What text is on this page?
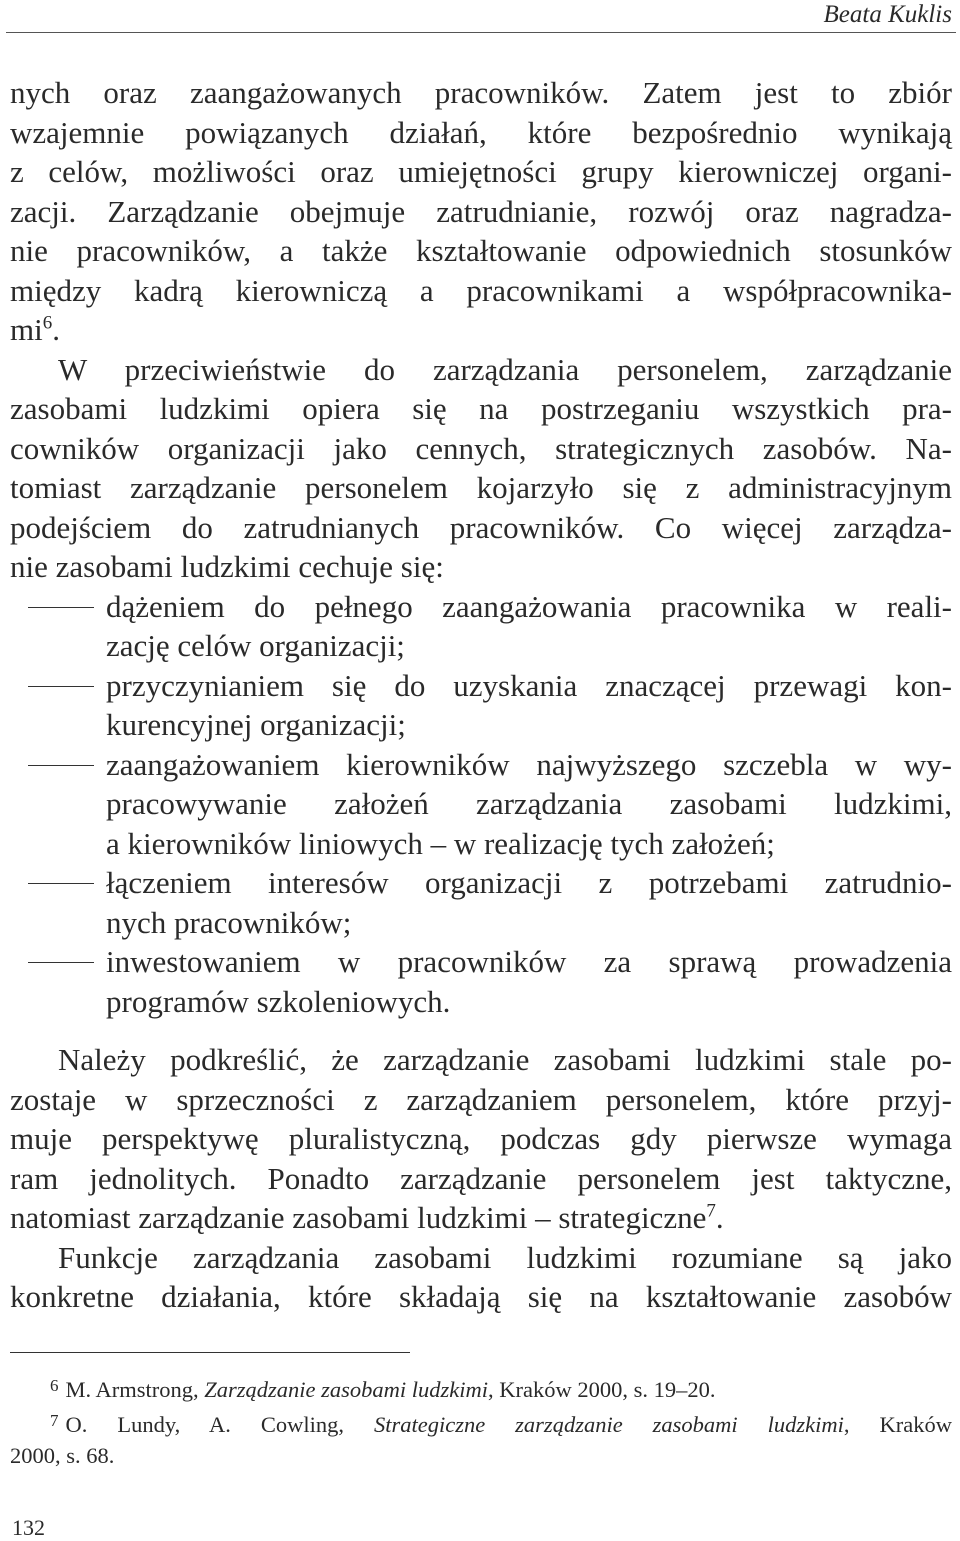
Beata Kuklis
nych oraz zaangażowanych pracowników. Zatem jest to zbiór
wzajemnie powiązanych działań, które bezpośrednio wynikają
z celów, możliwości oraz umiejętności grupy kierowniczej organi-
zacji. Zarządzanie obejmuje zatrudnianie, rozwój oraz nagradza-
nie pracowników, a także kształtowanie odpowiednich stosunków
między kadrą kierowniczą a pracownikami a współpracownika-
$mi^6$.
W przeciwieństwie do zarządzania personelem, zarządzanie
zasobami ludzkimi opiera się na postrzeganiu wszystkich pra-
cowników organizacji jako cennych, strategicznych zasobów. Na-
tomiast zarządzanie personelem kojarzyło się z administracyjnym
podejściem do zatrudnianych pracowników. Co więcej zarządza-
nie zasobami ludzkimi cechuje się:
dążeniem do pełnego zaangażowania pracownika w reali-
zację celów organizacji;
przyczynianiem się do uzyskania znaczącej przewagi kon-
kurencyjnej organizacji;
zaangażowaniem kierowników najwyższego szczebla w wy-
pracowywanie założeń zarządzania zasobami ludzkimi,
a kierowników liniowych – w realizację tych założeń;
łączeniem interesów organizacji z potrzebami zatrudnio-
nych pracowników;
inwestowaniem w pracowników za sprawą prowadzenia
programów szkoleniowych.
Należy podkreślić, że zarządzanie zasobami ludzkimi stale po-
zostaje w sprzeczności z zarządzaniem personelem, które przyj-
muje perspektywę pluralistyczną, podczas gdy pierwsze wymaga
ram jednolitych. Ponadto zarządzanie personelem jest taktyczne,
natomiast zarządzanie zasobami ludzkimi – strategiczne$^7$.
Funkcje zarządzania zasobami ludzkimi rozumiane są jako
konkretne działania, które składają się na kształtowanie zasobów
$^6$ M. Armstrong, Zarządzanie zasobami ludzkimi, Kraków 2000, s. 19–20.
$^7$ O. Lundy, A. Cowling, Strategiczne zarządzanie zasobami ludzkimi, Kraków
2000, s. 68.
132
